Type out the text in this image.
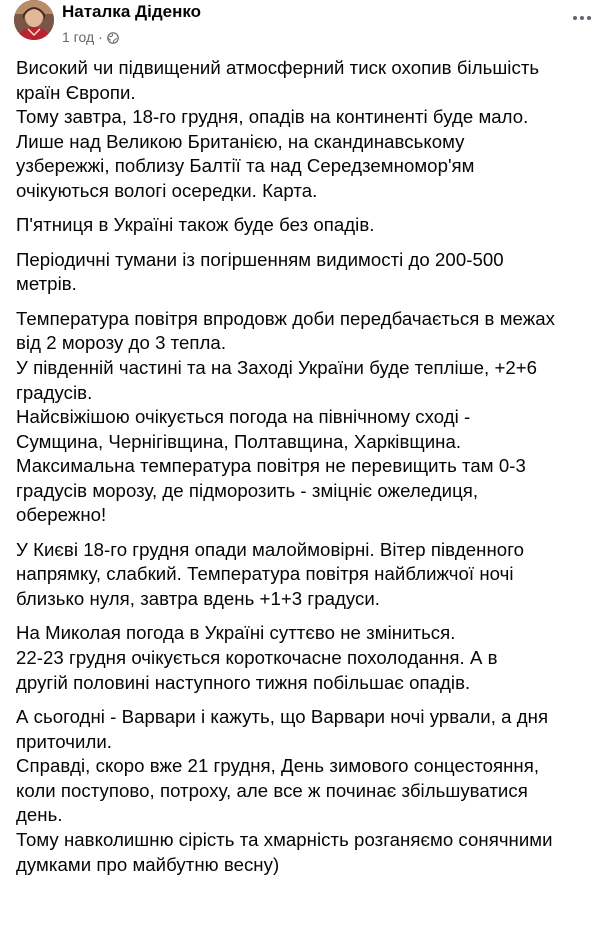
Наталка Діденко
1 год ·
Високий чи підвищений атмосферний тиск охопив більшість
країн Європи.
Тому завтра, 18-го грудня, опадів на континенті буде мало.
Лише над Великою Британією, на скандинавському
узбережжі, поблизу Балтії та над Середземномор'ям
очікуються вологі осередки. Карта.
П'ятниця в Україні також буде без опадів.
Періодичні тумани із погіршенням видимості до 200-500
метрів.
Температура повітря впродовж доби передбачається в межах
від 2 морозу до 3 тепла.
У південній частині та на Заході України буде тепліше, +2+6
градусів.
Найсвіжішою очікується погода на північному сході -
Сумщина, Чернігівщина, Полтавщина, Харківщина.
Максимальна температура повітря не перевищить там 0-3
градусів морозу, де підморозить - зміцніє ожеледиця,
обережно!
У Києві 18-го грудня опади малоймовірні. Вітер південного
напрямку, слабкий. Температура повітря найближчої ночі
близько нуля, завтра вдень +1+3 градуси.
На Миколая погода в Україні суттєво не зміниться.
22-23 грудня очікується короткочасне похолодання. А в
другій половині наступного тижня побільшає опадів.
А сьогодні - Варвари і кажуть, що Варвари ночі урвали, а дня
приточили.
Справді, скоро вже 21 грудня, День зимового сонцестояння,
коли поступово, потроху, але все ж починає збільшуватися
день.
Тому навколишню сірість та хмарність розганяємо сонячними
думками про майбутню весну)
